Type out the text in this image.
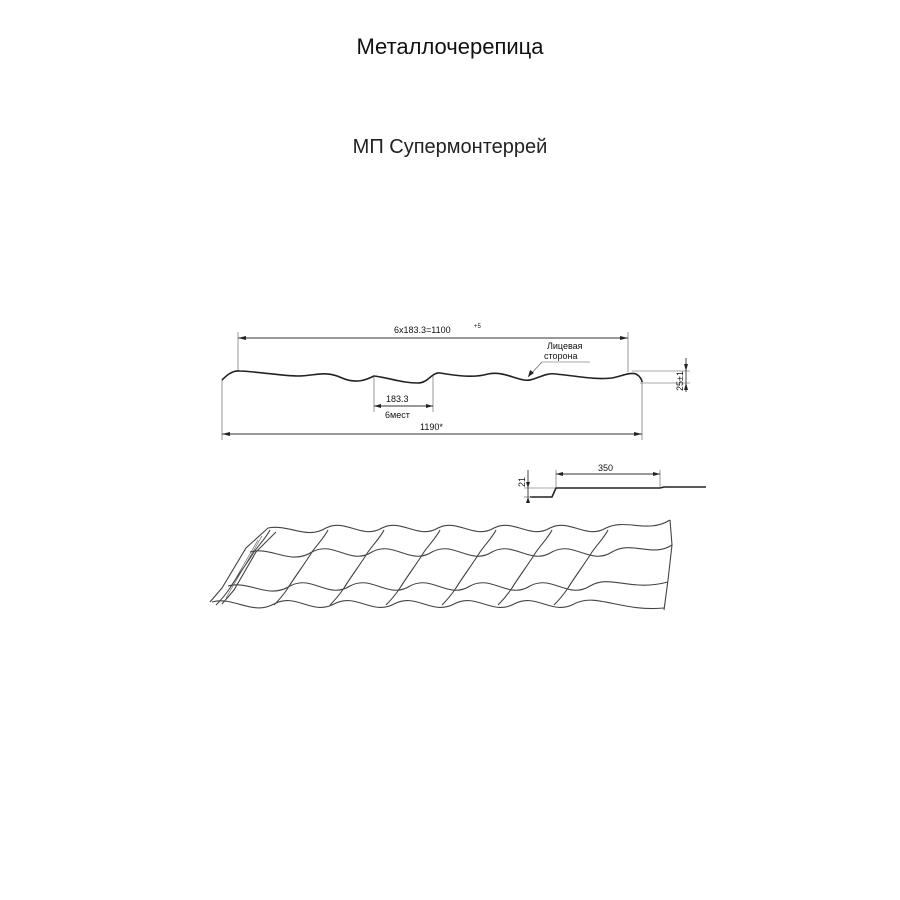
Металлочерепица
МП Супермонтеррей
6x183.3=1100	+5
183.3
6мест
1190*
Лицевая
сторона
25±1
350
21
